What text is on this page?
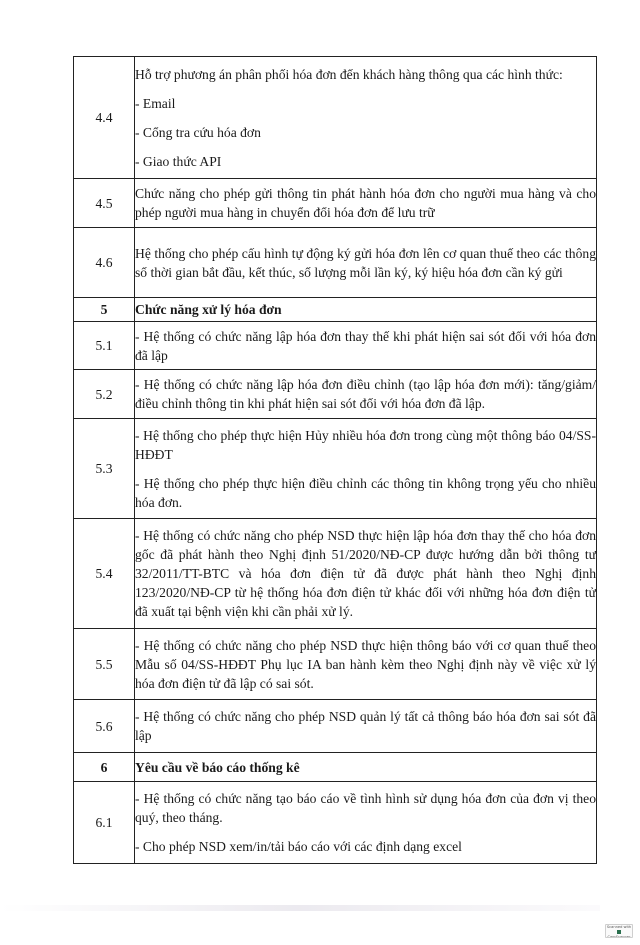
4.4	Hỗ trợ phương án phân phối hóa đơn đến khách hàng thông qua các hình thức:

- Email

- Cổng tra cứu hóa đơn

- Giao thức API

4.5	Chức năng cho phép gửi thông tin phát hành hóa đơn cho người mua hàng và cho phép người mua hàng in chuyển đổi hóa đơn để lưu trữ

4.6	Hệ thống cho phép cấu hình tự động ký gửi hóa đơn lên cơ quan thuế theo các thông số thời gian bắt đầu, kết thúc, số lượng mỗi lần ký, ký hiệu hóa đơn cần ký gửi

5	Chức năng xử lý hóa đơn
5.1	- Hệ thống có chức năng lập hóa đơn thay thế khi phát hiện sai sót đối với hóa đơn đã lập

5.2	- Hệ thống có chức năng lập hóa đơn điều chỉnh (tạo lập hóa đơn mới): tăng/giảm/điều chỉnh thông tin khi phát hiện sai sót đối với hóa đơn đã lập.

5.3	- Hệ thống cho phép thực hiện Hủy nhiều hóa đơn trong cùng một thông báo 04/SS-HĐĐT

- Hệ thống cho phép thực hiện điều chỉnh các thông tin không trọng yếu cho nhiều hóa đơn.

5.4	- Hệ thống có chức năng cho phép NSD thực hiện lập hóa đơn thay thế cho hóa đơn gốc đã phát hành theo Nghị định 51/2020/NĐ-CP được hướng dẫn bởi thông tư 32/2011/TT-BTC và hóa đơn điện tử đã được phát hành theo Nghị định 123/2020/NĐ-CP từ hệ thống hóa đơn điện tử khác đối với những hóa đơn điện tử đã xuất tại bệnh viện khi cần phải xử lý.

5.5	- Hệ thống có chức năng cho phép NSD thực hiện thông báo với cơ quan thuế theo Mẫu số 04/SS-HĐĐT Phụ lục IA ban hành kèm theo Nghị định này về việc xử lý hóa đơn điện tử đã lập có sai sót.

5.6	- Hệ thống có chức năng cho phép NSD quản lý tất cả thông báo hóa đơn sai sót đã lập

6	Yêu cầu về báo cáo thống kê
6.1	- Hệ thống có chức năng tạo báo cáo về tình hình sử dụng hóa đơn của đơn vị theo quý, theo tháng.

- Cho phép NSD xem/in/tải báo cáo với các định dạng excel

Scanned with
CamScanner
